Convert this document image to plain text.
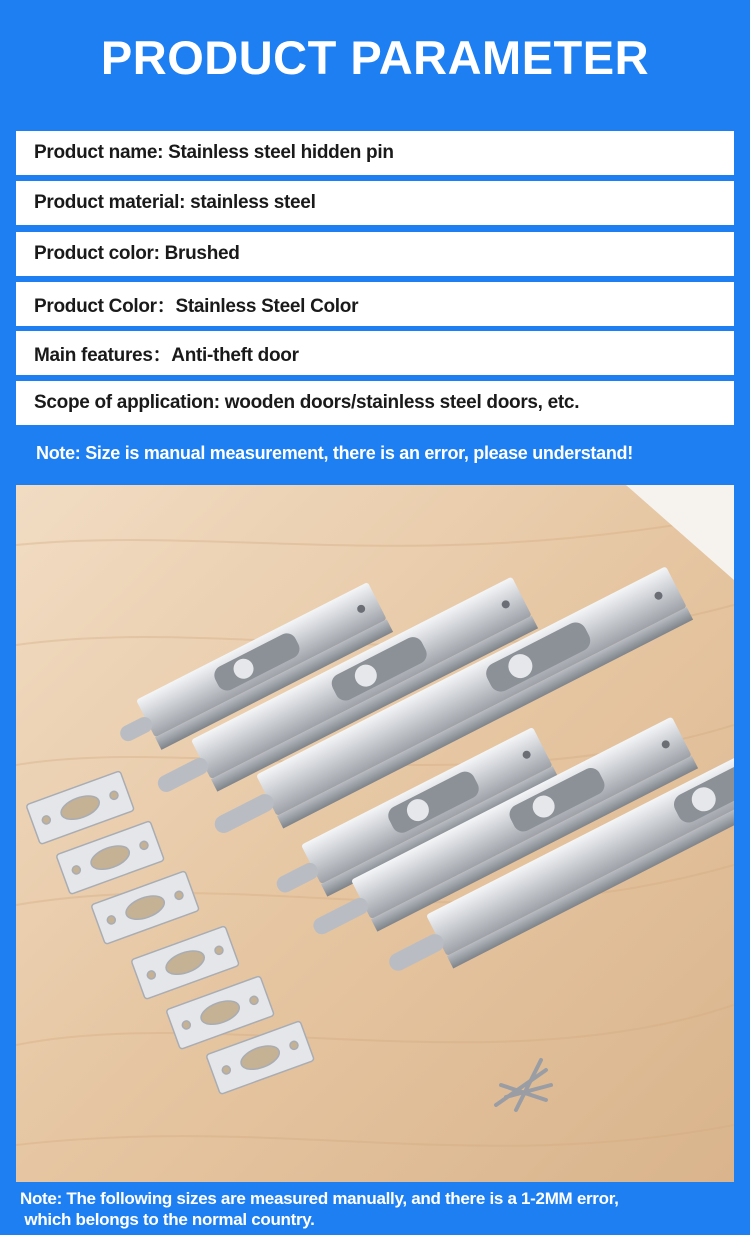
PRODUCT PARAMETER
Product name: Stainless steel hidden pin
Product material: stainless steel
Product color: Brushed
Product Color：Stainless Steel Color
Main features：Anti-theft door
Scope of application: wooden doors/stainless steel doors, etc.
Note: Size is manual measurement, there is an error, please understand!
Note: The following sizes are measured manually, and there is a 1-2MM error,
which belongs to the normal country.
